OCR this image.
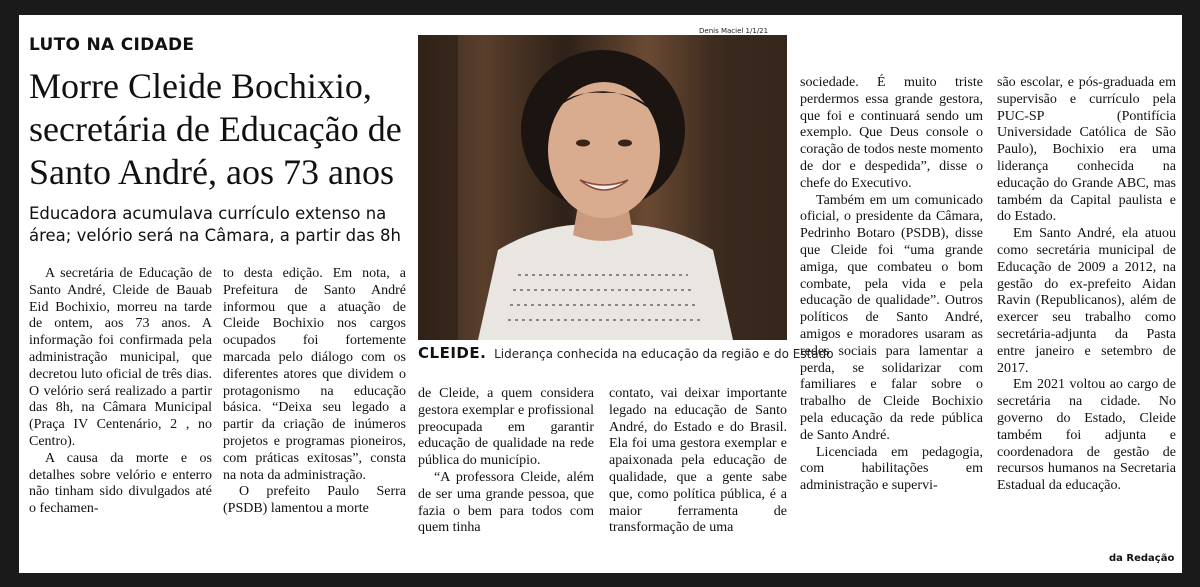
LUTO NA CIDADE
Morre Cleide Bochixio, secretária de Educação de Santo André, aos 73 anos
Educadora acumulava currículo extenso na área; velório será na Câmara, a partir das 8h

A secretária de Educação de Santo André, Cleide de Bauab Eid Bochixio, morreu na tarde de ontem, aos 73 anos. A informação foi confirmada pela administração municipal, que decretou luto oficial de três dias. O velório será realizado a partir das 8h, na Câmara Municipal (Praça IV Centenário, 2 , no Centro).

A causa da morte e os detalhes sobre velório e enterro não tinham sido divulgados até o fechamen-

to desta edição. Em nota, a Prefeitura de Santo André informou que a atuação de Cleide Bochixio nos cargos ocupados foi fortemente marcada pelo diálogo com os diferentes atores que dividem o protagonismo na educação básica. “Deixa seu legado a partir da criação de inúmeros projetos e programas pioneiros, com práticas exitosas”, consta na nota da administração.

O prefeito Paulo Serra (PSDB) lamentou a morte

Denis Maciel 1/1/21
CLEIDE. Liderança conhecida na educação da região e do Estado

de Cleide, a quem considera gestora exemplar e profissional preocupada em garantir educação de qualidade na rede pública do município.

“A professora Cleide, além de ser uma grande pessoa, que fazia o bem para todos com quem tinha

contato, vai deixar importante legado na educação de Santo André, do Estado e do Brasil. Ela foi uma gestora exemplar e apaixonada pela educação de qualidade, que a gente sabe que, como política pública, é a maior ferramenta de transformação de uma

sociedade. É muito triste perdermos essa grande gestora, que foi e continuará sendo um exemplo. Que Deus console o coração de todos neste momento de dor e despedida”, disse o chefe do Executivo.

Também em um comunicado oficial, o presidente da Câmara, Pedrinho Botaro (PSDB), disse que Cleide foi “uma grande amiga, que combateu o bom combate, pela vida e pela educação de qualidade”. Outros políticos de Santo André, amigos e moradores usaram as redes sociais para lamentar a perda, se solidarizar com familiares e falar sobre o trabalho de Cleide Bochixio pela educação da rede pública de Santo André.

Licenciada em pedagogia, com habilitações em administração e supervi-

são escolar, e pós-graduada em supervisão e currículo pela PUC-SP (Pontifícia Universidade Católica de São Paulo), Bochixio era uma liderança conhecida na educação do Grande ABC, mas também da Capital paulista e do Estado.

Em Santo André, ela atuou como secretária municipal de Educação de 2009 a 2012, na gestão do ex-prefeito Aidan Ravin (Republicanos), além de exercer seu trabalho como secretária-adjunta da Pasta entre janeiro e setembro de 2017.

Em 2021 voltou ao cargo de secretária na cidade. No governo do Estado, Cleide também foi adjunta e coordenadora de gestão de recursos humanos na Secretaria Estadual da educação.

da Redação
